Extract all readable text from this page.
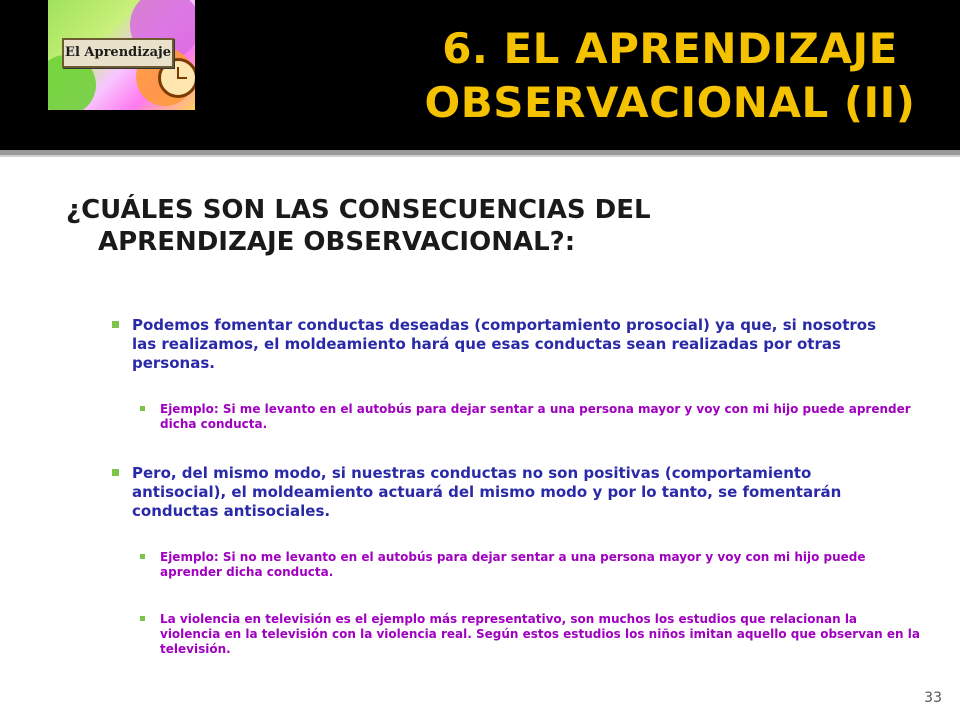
El Aprendizaje	6. EL APRENDIZAJE
OBSERVACIONAL (II)
¿CUÁLES SON LAS CONSECUENCIAS DEL
APRENDIZAJE OBSERVACIONAL?:
Podemos fomentar conductas deseadas (comportamiento prosocial) ya que, si nosotros las realizamos, el moldeamiento hará que esas conductas sean realizadas por otras personas.
Ejemplo: Si me levanto en el autobús para dejar sentar a una persona mayor y voy con mi hijo puede aprender dicha conducta.
Pero, del mismo modo, si nuestras conductas no son positivas (comportamiento antisocial), el moldeamiento actuará del mismo modo y por lo tanto, se fomentarán conductas antisociales.
Ejemplo: Si no me levanto en el autobús para dejar sentar a una persona mayor y voy con mi hijo puede aprender dicha conducta.
La violencia en televisión es el ejemplo más representativo, son muchos los estudios que relacionan la violencia en la televisión con la violencia real. Según estos estudios los niños imitan aquello que observan en la televisión.
33
